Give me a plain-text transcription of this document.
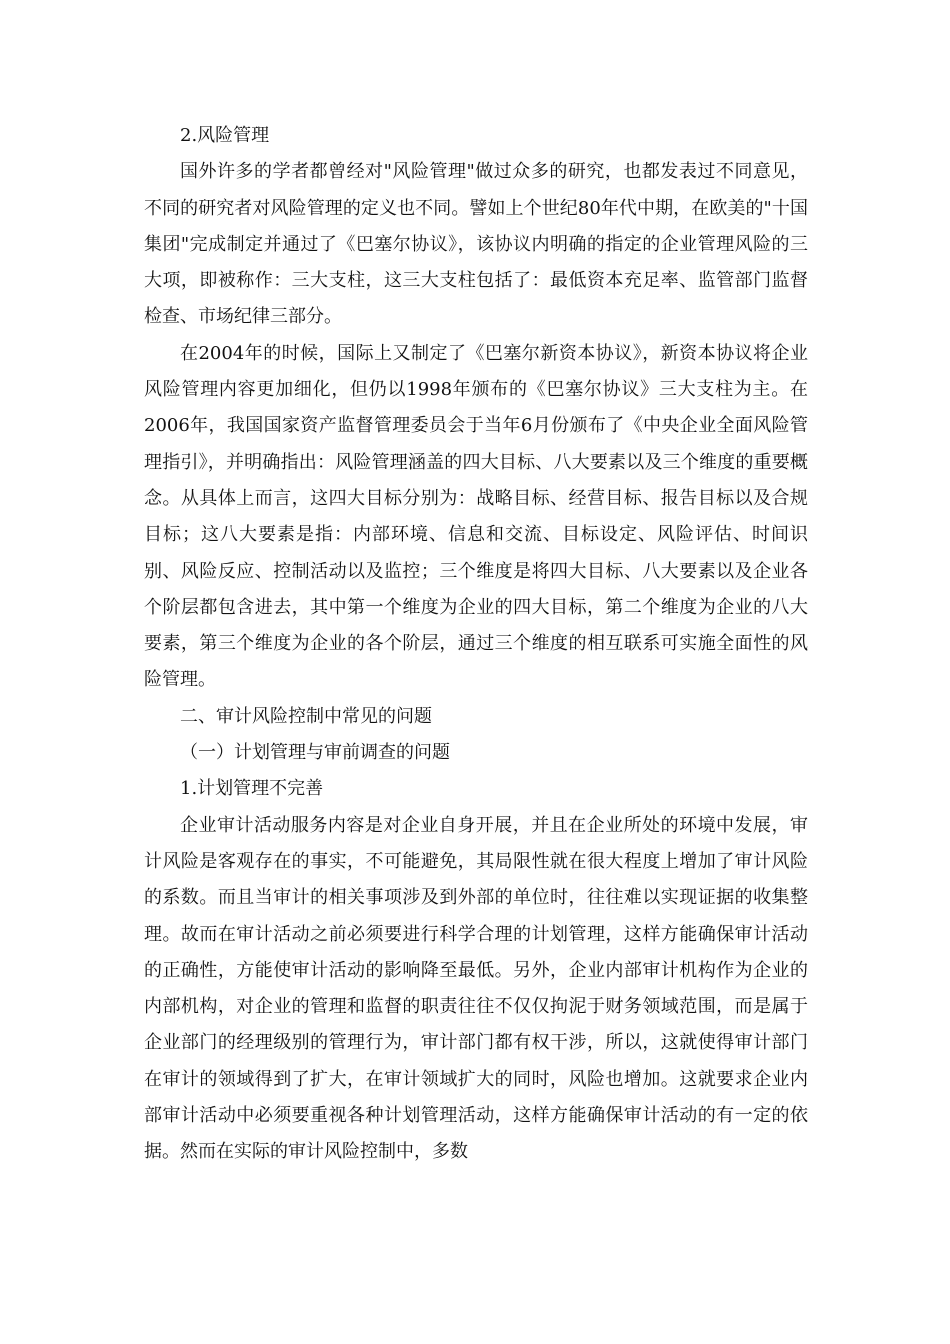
2.风险管理

国外许多的学者都曾经对"风险管理"做过众多的研究，也都发表过不同意见，不同的研究者对风险管理的定义也不同。譬如上个世纪80年代中期，在欧美的"十国集团"完成制定并通过了《巴塞尔协议》，该协议内明确的指定的企业管理风险的三大项，即被称作：三大支柱，这三大支柱包括了：最低资本充足率、监管部门监督检查、市场纪律三部分。

在2004年的时候，国际上又制定了《巴塞尔新资本协议》，新资本协议将企业风险管理内容更加细化，但仍以1998年颁布的《巴塞尔协议》三大支柱为主。在2006年，我国国家资产监督管理委员会于当年6月份颁布了《中央企业全面风险管理指引》，并明确指出：风险管理涵盖的四大目标、八大要素以及三个维度的重要概念。从具体上而言，这四大目标分别为：战略目标、经营目标、报告目标以及合规目标；这八大要素是指：内部环境、信息和交流、目标设定、风险评估、时间识别、风险反应、控制活动以及监控；三个维度是将四大目标、八大要素以及企业各个阶层都包含进去，其中第一个维度为企业的四大目标，第二个维度为企业的八大要素，第三个维度为企业的各个阶层，通过三个维度的相互联系可实施全面性的风险管理。

二、审计风险控制中常见的问题

（一）计划管理与审前调查的问题

1.计划管理不完善

企业审计活动服务内容是对企业自身开展，并且在企业所处的环境中发展，审计风险是客观存在的事实，不可能避免，其局限性就在很大程度上增加了审计风险的系数。而且当审计的相关事项涉及到外部的单位时，往往难以实现证据的收集整理。故而在审计活动之前必须要进行科学合理的计划管理，这样方能确保审计活动的正确性，方能使审计活动的影响降至最低。另外，企业内部审计机构作为企业的内部机构，对企业的管理和监督的职责往往不仅仅拘泥于财务领域范围，而是属于企业部门的经理级别的管理行为，审计部门都有权干涉，所以，这就使得审计部门在审计的领域得到了扩大，在审计领域扩大的同时，风险也增加。这就要求企业内部审计活动中必须要重视各种计划管理活动，这样方能确保审计活动的有一定的依据。然而在实际的审计风险控制中，多数
